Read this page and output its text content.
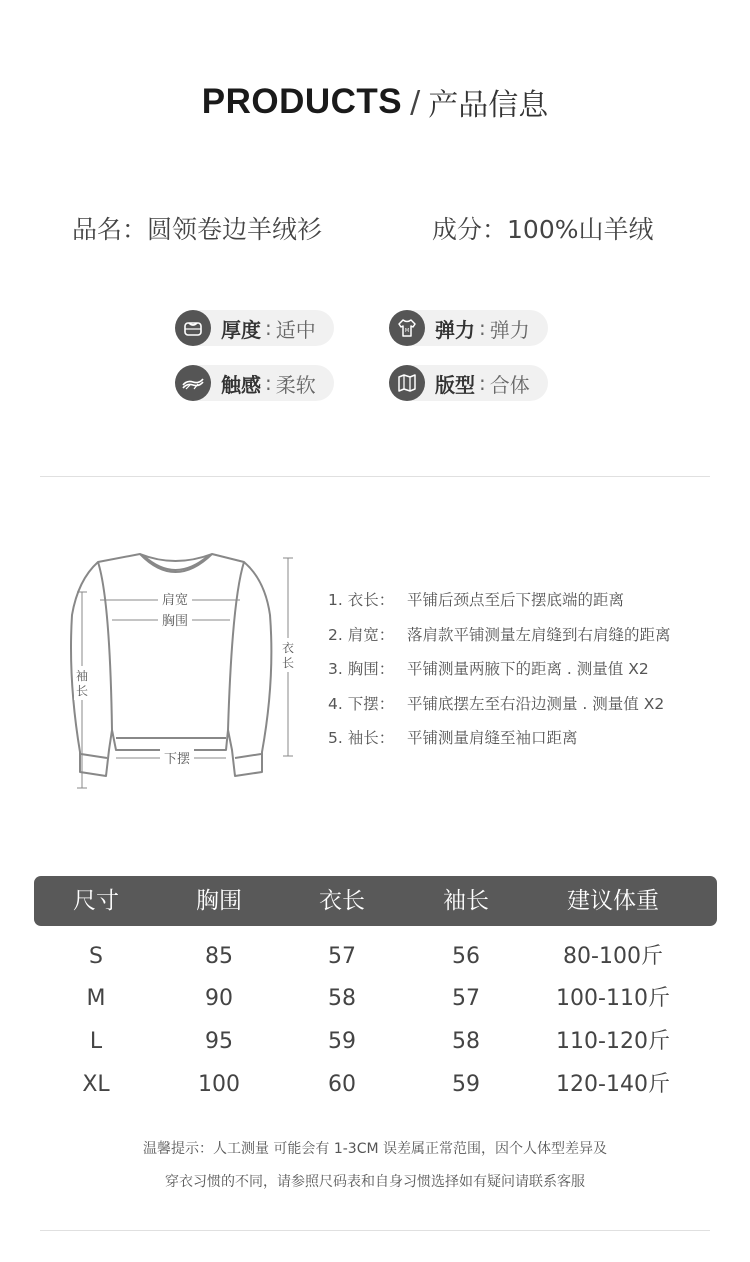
PRODUCTS / 产品信息
品名：圆领卷边羊绒衫	成分：100%山羊绒
厚度 : 适中	M 弹力 : 弹力
触感 : 柔软	版型 : 合体
肩宽
胸围
下摆
袖
长
衣
长
1. 衣长： 平铺后颈点至后下摆底端的距离
2. 肩宽： 落肩款平铺测量左肩缝到右肩缝的距离
3. 胸围： 平铺测量两腋下的距离 . 测量值 X2
4. 下摆： 平铺底摆左至右沿边测量 . 测量值 X2
5. 袖长： 平铺测量肩缝至袖口距离
尺寸	胸围	衣长	袖长	建议体重
S	85	57	56	80-100斤
M	90	58	57	100-110斤
L	95	59	58	110-120斤
XL	100	60	59	120-140斤
温馨提示：人工测量 可能会有 1-3CM 误差属正常范围，因个人体型差异及
穿衣习惯的不同，请参照尺码表和自身习惯选择如有疑问请联系客服
